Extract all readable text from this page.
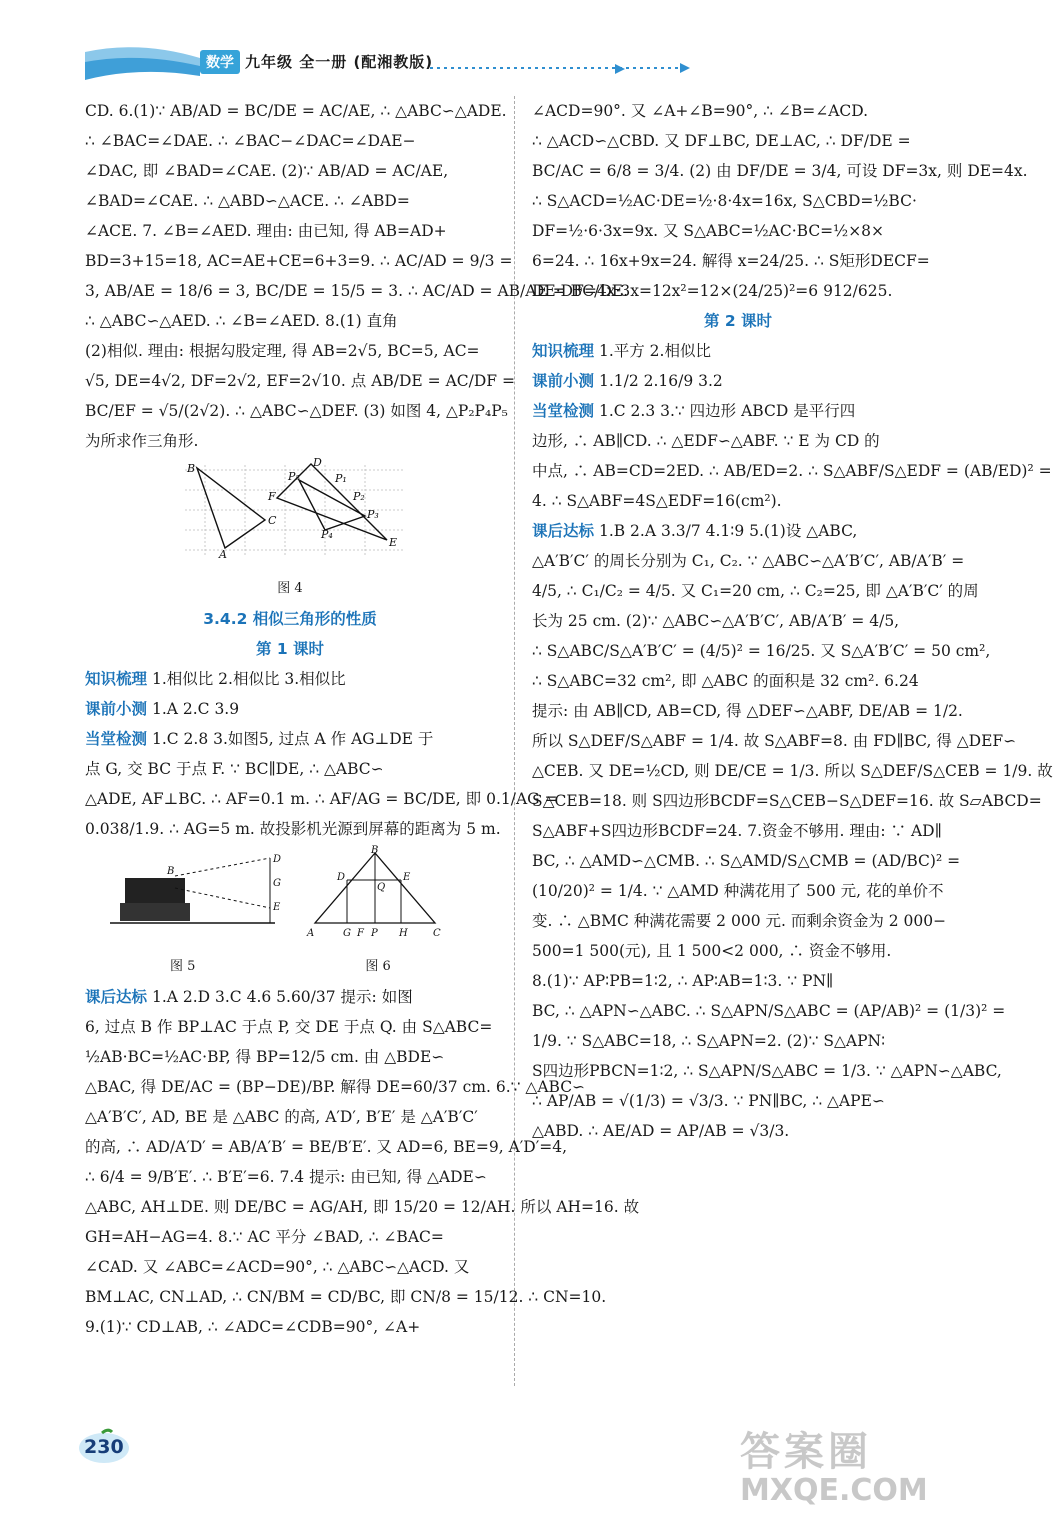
数学 九年级 全一册 (配湘教版)

CD. 6.(1)∵ AB/AD = BC/DE = AC/AE, ∴ △ABC∽△ADE.

∴ ∠BAC=∠DAE. ∴ ∠BAC−∠DAC=∠DAE−

∠DAC, 即 ∠BAD=∠CAE. (2)∵ AB/AD = AC/AE,

∠BAD=∠CAE. ∴ △ABD∽△ACE. ∴ ∠ABD=

∠ACE. 7. ∠B=∠AED. 理由: 由已知, 得 AB=AD+

BD=3+15=18, AC=AE+CE=6+3=9. ∴ AC/AD = 9/3 =

3, AB/AE = 18/6 = 3, BC/DE = 15/5 = 3. ∴ AC/AD = AB/AE = BC/DE.

∴ △ABC∽△AED. ∴ ∠B=∠AED. 8.(1) 直角

(2)相似. 理由: 根据勾股定理, 得 AB=2√5, BC=5, AC=

√5, DE=4√2, DF=2√2, EF=2√10. 点 AB/DE = AC/DF =

BC/EF = √5/(2√2). ∴ △ABC∽△DEF. (3) 如图 4, △P₂P₄P₅

为所求作三角形.

B
A
C
D
F
E
P₅	P₁
P₂
P₃
P₄

图 4

3.4.2 相似三角形的性质

第 1 课时

知识梳理 1.相似比 2.相似比 3.相似比

课前小测 1.A 2.C 3.9

当堂检测 1.C 2.8 3.如图5, 过点 A 作 AG⊥DE 于

点 G, 交 BC 于点 F. ∵ BC∥DE, ∴ △ABC∽

△ADE, AF⊥BC. ∴ AF=0.1 m. ∴ AF/AG = BC/DE, 即 0.1/AG =

0.038/1.9. ∴ AG=5 m. 故投影机光源到屏幕的距离为 5 m.

B
D
G
E
B
D	E
Q
A	G F P H	C

图 5	图 6

课后达标 1.A 2.D 3.C 4.6 5.60/37 提示: 如图

6, 过点 B 作 BP⊥AC 于点 P, 交 DE 于点 Q. 由 S△ABC=

½AB·BC=½AC·BP, 得 BP=12/5 cm. 由 △BDE∽

△BAC, 得 DE/AC = (BP−DE)/BP. 解得 DE=60/37 cm. 6.∵ △ABC∽

△A′B′C′, AD, BE 是 △ABC 的高, A′D′, B′E′ 是 △A′B′C′

的高, ∴ AD/A′D′ = AB/A′B′ = BE/B′E′. 又 AD=6, BE=9, A′D′=4,

∴ 6/4 = 9/B′E′. ∴ B′E′=6. 7.4 提示: 由已知, 得 △ADE∽

△ABC, AH⊥DE. 则 DE/BC = AG/AH, 即 15/20 = 12/AH. 所以 AH=16. 故

GH=AH−AG=4. 8.∵ AC 平分 ∠BAD, ∴ ∠BAC=

∠CAD. 又 ∠ABC=∠ACD=90°, ∴ △ABC∽△ACD. 又

BM⊥AC, CN⊥AD, ∴ CN/BM = CD/BC, 即 CN/8 = 15/12. ∴ CN=10.

9.(1)∵ CD⊥AB, ∴ ∠ADC=∠CDB=90°, ∠A+

∠ACD=90°. 又 ∠A+∠B=90°, ∴ ∠B=∠ACD.

∴ △ACD∽△CBD. 又 DF⊥BC, DE⊥AC, ∴ DF/DE =

BC/AC = 6/8 = 3/4. (2) 由 DF/DE = 3/4, 可设 DF=3x, 则 DE=4x.

∴ S△ACD=½AC·DE=½·8·4x=16x, S△CBD=½BC·

DF=½·6·3x=9x. 又 S△ABC=½AC·BC=½×8×

6=24. ∴ 16x+9x=24. 解得 x=24/25. ∴ S矩形DECF=

DE·DF=4x·3x=12x²=12×(24/25)²=6 912/625.

第 2 课时

知识梳理 1.平方 2.相似比

课前小测 1.1/2 2.16/9 3.2

当堂检测 1.C 2.3 3.∵ 四边形 ABCD 是平行四

边形, ∴ AB∥CD. ∴ △EDF∽△ABF. ∵ E 为 CD 的

中点, ∴ AB=CD=2ED. ∴ AB/ED=2. ∴ S△ABF/S△EDF = (AB/ED)² =

4. ∴ S△ABF=4S△EDF=16(cm²).

课后达标 1.B 2.A 3.3/7 4.1∶9 5.(1)设 △ABC,

△A′B′C′ 的周长分别为 C₁, C₂. ∵ △ABC∽△A′B′C′, AB/A′B′ =

4/5, ∴ C₁/C₂ = 4/5. 又 C₁=20 cm, ∴ C₂=25, 即 △A′B′C′ 的周

长为 25 cm. (2)∵ △ABC∽△A′B′C′, AB/A′B′ = 4/5,

∴ S△ABC/S△A′B′C′ = (4/5)² = 16/25. 又 S△A′B′C′ = 50 cm²,

∴ S△ABC=32 cm², 即 △ABC 的面积是 32 cm². 6.24

提示: 由 AB∥CD, AB=CD, 得 △DEF∽△ABF, DE/AB = 1/2.

所以 S△DEF/S△ABF = 1/4. 故 S△ABF=8. 由 FD∥BC, 得 △DEF∽

△CEB. 又 DE=½CD, 则 DE/CE = 1/3. 所以 S△DEF/S△CEB = 1/9. 故

S△CEB=18. 则 S四边形BCDF=S△CEB−S△DEF=16. 故 S▱ABCD=

S△ABF+S四边形BCDF=24. 7.资金不够用. 理由: ∵ AD∥

BC, ∴ △AMD∽△CMB. ∴ S△AMD/S△CMB = (AD/BC)² =

(10/20)² = 1/4. ∵ △AMD 种满花用了 500 元, 花的单价不

变. ∴ △BMC 种满花需要 2 000 元. 而剩余资金为 2 000−

500=1 500(元), 且 1 500<2 000, ∴ 资金不够用.

8.(1)∵ AP∶PB=1∶2, ∴ AP∶AB=1∶3. ∵ PN∥

BC, ∴ △APN∽△ABC. ∴ S△APN/S△ABC = (AP/AB)² = (1/3)² =

1/9. ∵ S△ABC=18, ∴ S△APN=2. (2)∵ S△APN∶

S四边形PBCN=1∶2, ∴ S△APN/S△ABC = 1/3. ∵ △APN∽△ABC,

∴ AP/AB = √(1/3) = √3/3. ∵ PN∥BC, ∴ △APE∽

△ABD. ∴ AE/AD = AP/AB = √3/3.

230	答案圈
MXQE.COM
